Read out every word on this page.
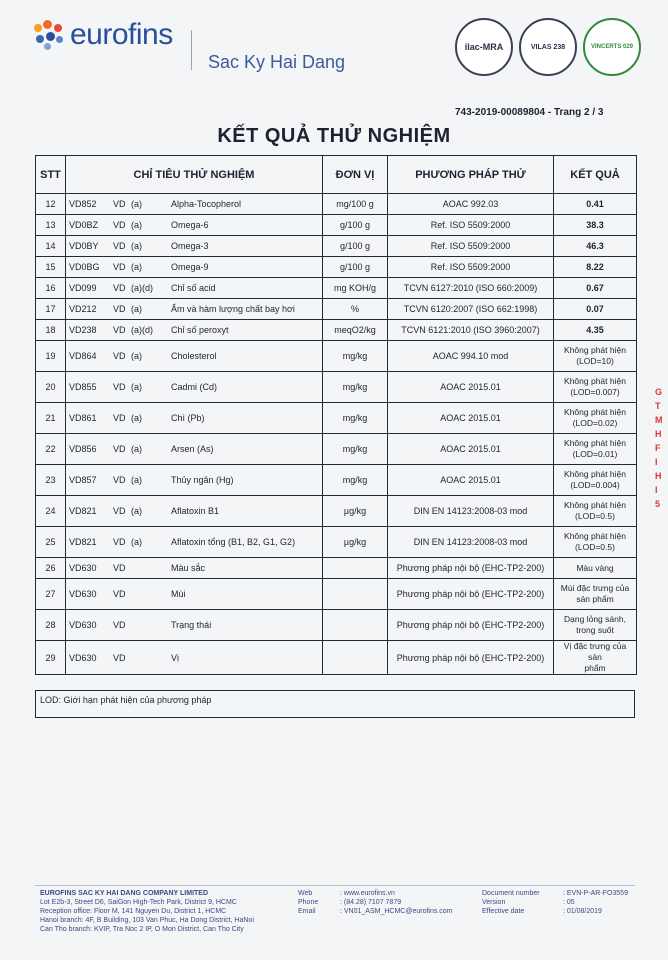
eurofins
Sac Ky Hai Dang
ilac-MRA	VILAS 238	VINCERTS 029
743-2019-00089804 - Trang 2 / 3
KẾT QUẢ THỬ NGHIỆM
STT	CHỈ TIÊU THỬ NGHIỆM	ĐƠN VỊ	PHƯƠNG PHÁP THỬ	KẾT QUẢ
12	VD852 VD (a) Alpha-Tocopherol	mg/100 g	AOAC 992.03	0.41
13	VD0BZ VD (a) Omega-6	g/100 g	Ref. ISO 5509:2000	38.3
14	VD0BY VD (a) Omega-3	g/100 g	Ref. ISO 5509:2000	46.3
15	VD0BG VD (a) Omega-9	g/100 g	Ref. ISO 5509:2000	8.22
16	VD099 VD (a)(d) Chỉ số acid	mg KOH/g	TCVN 6127:2010 (ISO 660:2009)	0.67
17	VD212 VD (a) Ẩm và hàm lượng chất bay hơi	%	TCVN 6120:2007 (ISO 662:1998)	0.07
18	VD238 VD (a)(d) Chỉ số peroxyt	meqO2/kg	TCVN 6121:2010 (ISO 3960:2007)	4.35
19	VD864 VD (a) Cholesterol	mg/kg	AOAC 994.10 mod	Không phát hiện
(LOD=10)

20	VD855 VD (a) Cadmi (Cd)	mg/kg	AOAC 2015.01	Không phát hiện
(LOD=0.007)

21	VD861 VD (a) Chì (Pb)	mg/kg	AOAC 2015.01	Không phát hiện
(LOD=0.02)

22	VD856 VD (a) Arsen (As)	mg/kg	AOAC 2015.01	Không phát hiện
(LOD=0.01)

23	VD857 VD (a) Thủy ngân (Hg)	mg/kg	AOAC 2015.01	Không phát hiện
(LOD=0.004)

24	VD821 VD (a) Aflatoxin B1	µg/kg	DIN EN 14123:2008-03 mod	Không phát hiện
(LOD=0.5)

25	VD821 VD (a) Aflatoxin tổng (B1, B2, G1, G2)	µg/kg	DIN EN 14123:2008-03 mod	Không phát hiện
(LOD=0.5)

26	VD630 VD Màu sắc		Phương pháp nội bộ (EHC-TP2-200)	Màu vàng
27	VD630 VD Mùi		Phương pháp nội bộ (EHC-TP2-200)	Mùi đặc trưng của
sản phẩm

28	VD630 VD Trạng thái		Phương pháp nội bộ (EHC-TP2-200)	Dạng lỏng sánh,
trong suốt

29	VD630 VD Vị		Phương pháp nội bộ (EHC-TP2-200)	Vị đặc trưng của sản
phẩm
LOD: Giới hạn phát hiện của phương pháp
G
T
M
H
F
I
H
I
5
EUROFINS SAC KY HAI DANG COMPANY LIMITED
Lot E2b-3, Street D6, SaiGon High-Tech Park, District 9, HCMC
Reception office: Floor M, 141 Nguyen Du, District 1, HCMC
Hanoi branch: 4F, B Building, 103 Van Phuc, Ha Dong District, HaNoi
Can Tho branch: KVIP, Tra Noc 2 IP, O Mon District, Can Tho City
Web
Phone
Email
: www.eurofins.vn
: (84.28) 7107 7879
: VN01_ASM_HCMC@eurofins.com
Document number
Version
Effective date
: EVN-P-AR-FO3559
: 05
: 01/08/2019
